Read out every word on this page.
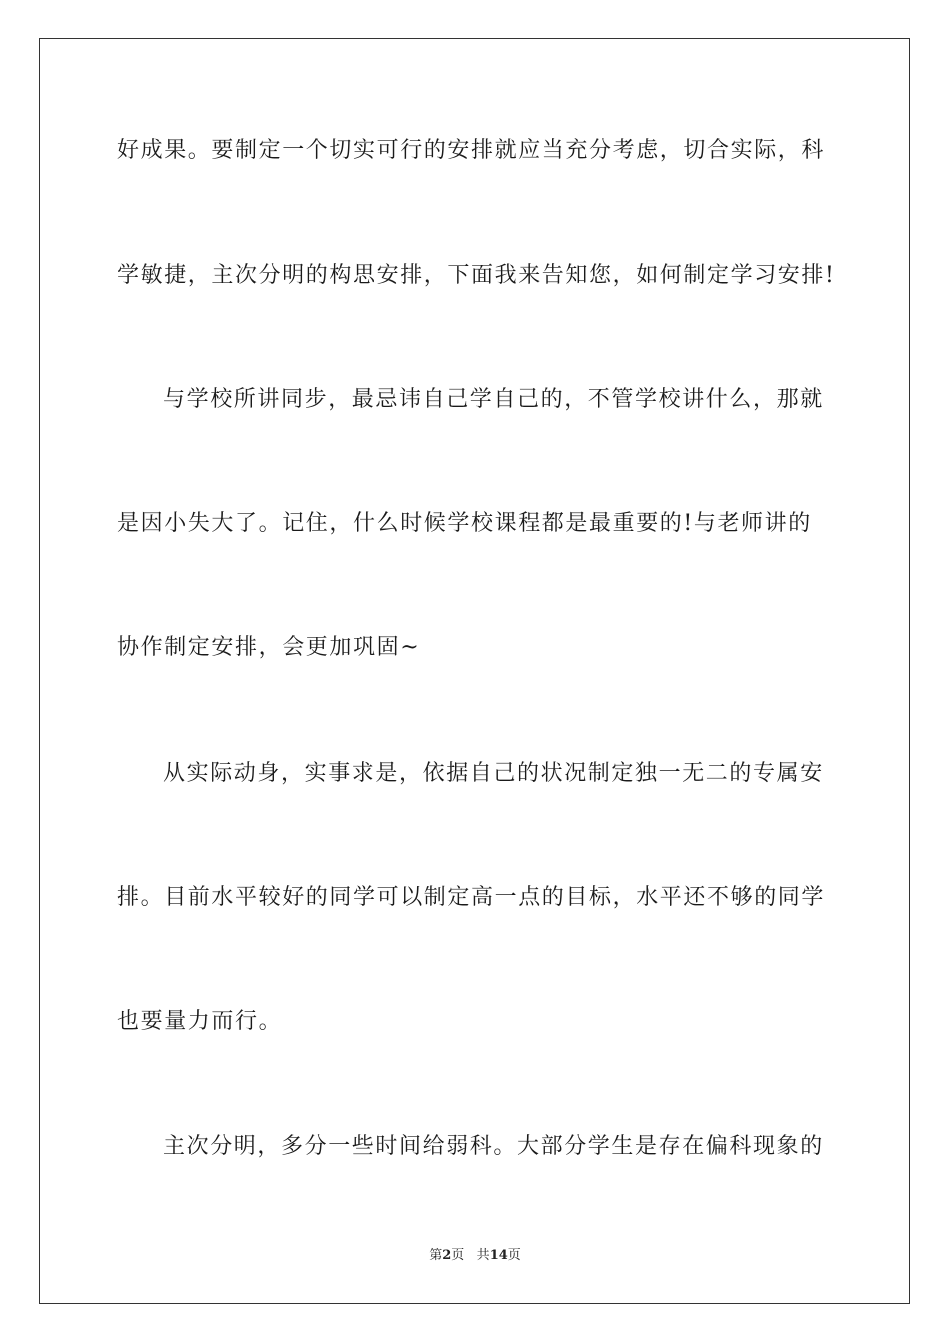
好成果。要制定一个切实可行的安排就应当充分考虑，切合实际，科
学敏捷，主次分明的构思安排，下面我来告知您，如何制定学习安排!
与学校所讲同步，最忌讳自己学自己的，不管学校讲什么，那就
是因小失大了。记住，什么时候学校课程都是最重要的!与老师讲的
协作制定安排，会更加巩固~
从实际动身，实事求是，依据自己的状况制定独一无二的专属安
排。目前水平较好的同学可以制定高一点的目标，水平还不够的同学
也要量力而行。
主次分明，多分一些时间给弱科。大部分学生是存在偏科现象的
第2页 共14页
